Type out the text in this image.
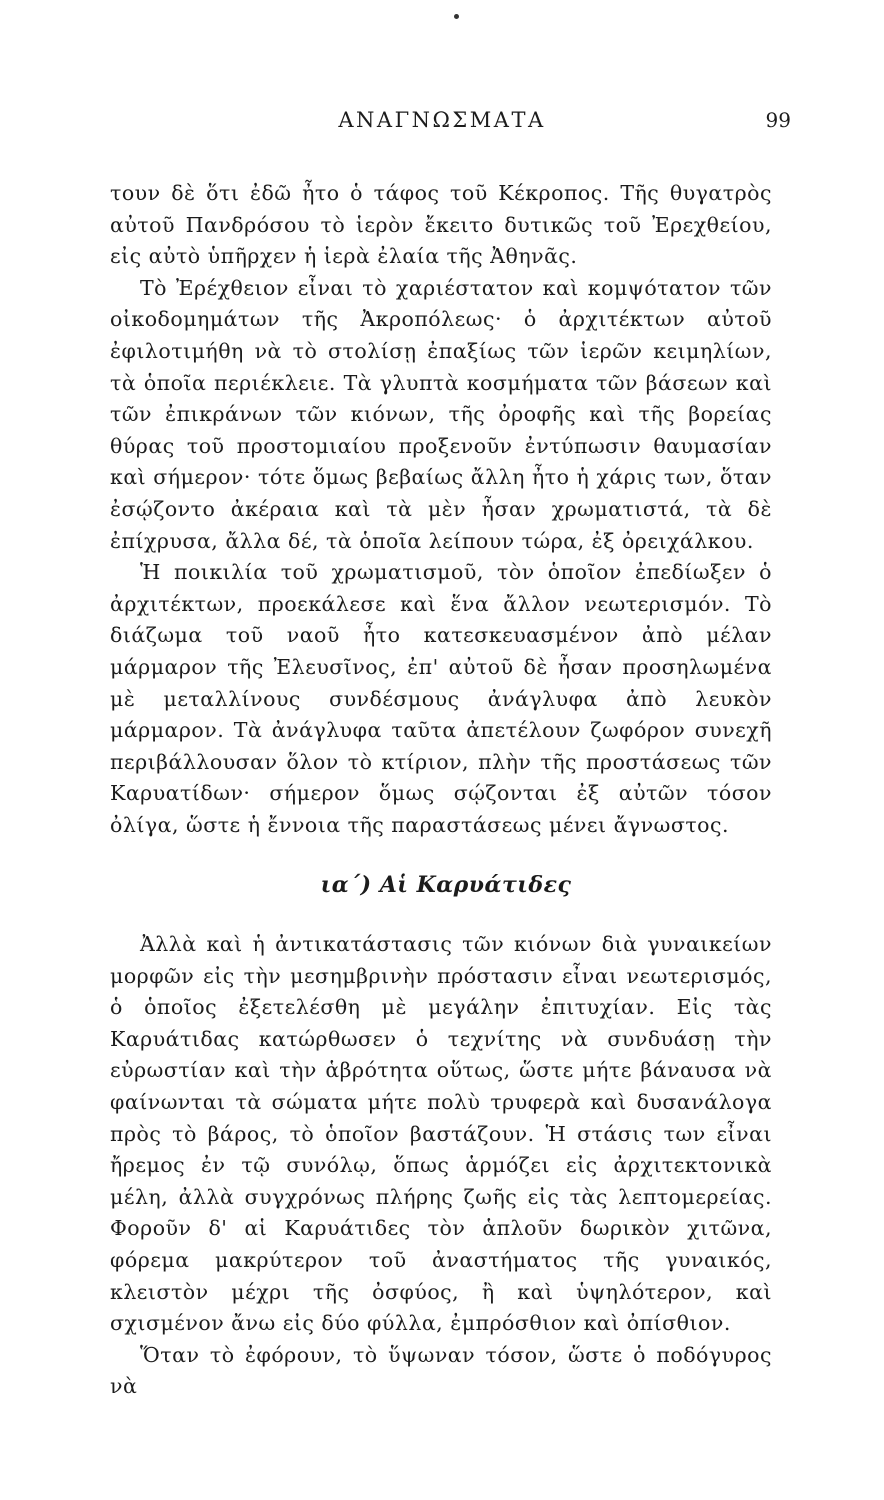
ΑΝΑΓΝΩΣΜΑΤΑ	99

τουν δὲ ὅτι ἐδῶ ἦτο ὁ τάφος τοῦ Κέκροπος. Τῆς θυγατρὸς αὐτοῦ Πανδρόσου τὸ ἱερὸν ἔκειτο δυτικῶς τοῦ Ἐρεχθείου, εἰς αὐτὸ ὑπῆρχεν ἡ ἱερὰ ἐλαία τῆς Ἀθηνᾶς.

Τὸ Ἐρέχθειον εἶναι τὸ χαριέστατον καὶ κομψότατον τῶν οἰκοδομημάτων τῆς Ἀκροπόλεως· ὁ ἀρχιτέκτων αὐτοῦ ἐφιλοτιμήθη νὰ τὸ στολίσῃ ἐπαξίως τῶν ἱερῶν κειμηλίων, τὰ ὁποῖα περιέκλειε. Τὰ γλυπτὰ κοσμήματα τῶν βάσεων καὶ τῶν ἐπικράνων τῶν κιόνων, τῆς ὀροφῆς καὶ τῆς βορείας θύρας τοῦ προστομιαίου προξενοῦν ἐντύπωσιν θαυμασίαν καὶ σήμερον· τότε ὅμως βεβαίως ἄλλη ἦτο ἡ χάρις των, ὅταν ἐσῴζοντο ἀκέραια καὶ τὰ μὲν ἦσαν χρωματιστά, τὰ δὲ ἐπίχρυσα, ἄλλα δέ, τὰ ὁποῖα λείπουν τώρα, ἐξ ὀρειχάλκου.

Ἡ ποικιλία τοῦ χρωματισμοῦ, τὸν ὁποῖον ἐπεδίωξεν ὁ ἀρχιτέκτων, προεκάλεσε καὶ ἕνα ἄλλον νεωτερισμόν. Τὸ διάζωμα τοῦ ναοῦ ἦτο κατεσκευασμένον ἀπὸ μέλαν μάρμαρον τῆς Ἐλευσῖνος, ἐπ' αὐτοῦ δὲ ἦσαν προσηλωμένα μὲ μεταλλίνους συνδέσμους ἀνάγλυφα ἀπὸ λευκὸν μάρμαρον. Τὰ ἀνάγλυφα ταῦτα ἀπετέλουν ζωφόρον συνεχῆ περιβάλλουσαν ὅλον τὸ κτίριον, πλὴν τῆς προστάσεως τῶν Καρυατίδων· σήμερον ὅμως σῴζονται ἐξ αὐτῶν τόσον ὀλίγα, ὥστε ἡ ἔννοια τῆς παραστάσεως μένει ἄγνωστος.

ια΄) Αἱ Καρυάτιδες

Ἀλλὰ καὶ ἡ ἀντικατάστασις τῶν κιόνων διὰ γυναικείων μορφῶν εἰς τὴν μεσημβρινὴν πρόστασιν εἶναι νεωτερισμός, ὁ ὁποῖος ἐξετελέσθη μὲ μεγάλην ἐπιτυχίαν. Εἰς τὰς Καρυάτιδας κατώρθωσεν ὁ τεχνίτης νὰ συνδυάσῃ τὴν εὐρωστίαν καὶ τὴν ἁβρότητα οὕτως, ὥστε μήτε βάναυσα νὰ φαίνωνται τὰ σώματα μήτε πολὺ τρυφερὰ καὶ δυσανάλογα πρὸς τὸ βάρος, τὸ ὁποῖον βαστάζουν. Ἡ στάσις των εἶναι ἤρεμος ἐν τῷ συνόλῳ, ὅπως ἁρμόζει εἰς ἀρχιτεκτονικὰ μέλη, ἀλλὰ συγχρόνως πλήρης ζωῆς εἰς τὰς λεπτομερείας. Φοροῦν δ' αἱ Καρυάτιδες τὸν ἁπλοῦν δωρικὸν χιτῶνα, φόρεμα μακρύτερον τοῦ ἀναστήματος τῆς γυναικός, κλειστὸν μέχρι τῆς ὀσφύος, ἢ καὶ ὑψηλότερον, καὶ σχισμένον ἄνω εἰς δύο φύλλα, ἐμπρόσθιον καὶ ὀπίσθιον.

Ὅταν τὸ ἐφόρουν, τὸ ὕψωναν τόσον, ὥστε ὁ ποδόγυρος νὰ
